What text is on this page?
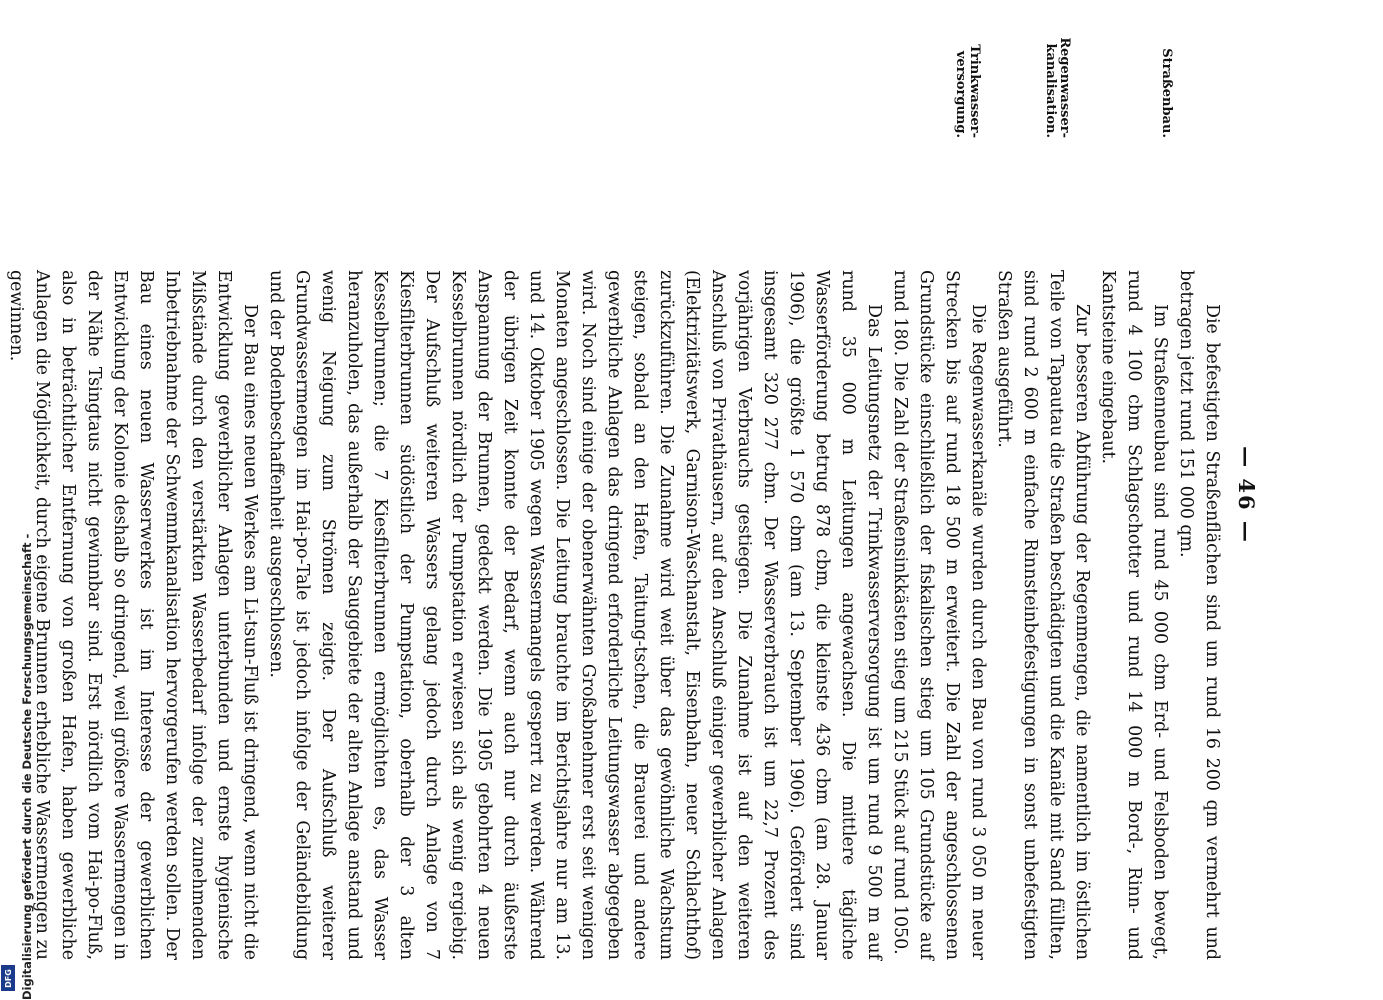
— 46 —
Straßenbau.
Regenwasser-kanalisation.
Trinkwasser-versorgung.

Die befestigten Straßenflächen sind um rund 16 200 qm vermehrt und betragen jetzt rund 151 000 qm.

Im Straßenneubau sind rund 45 000 cbm Erd- und Felsboden bewegt, rund 4 100 cbm Schlagschotter und rund 14 000 m Bord-, Rinn- und Kantsteine eingebaut.

Zur besseren Abführung der Regenmengen, die namentlich im östlichen Teile von Tapautau die Straßen beschädigten und die Kanäle mit Sand füllten, sind rund 2 600 m einfache Rinnsteinbefestigungen in sonst unbefestigten Straßen ausgeführt.

Die Regenwasserkanäle wurden durch den Bau von rund 3 050 m neuer Strecken bis auf rund 18 500 m erweitert. Die Zahl der angeschlossenen Grundstücke einschließlich der fiskalischen stieg um 105 Grundstücke auf rund 180. Die Zahl der Straßensinkkästen stieg um 215 Stück auf rund 1050.

Das Leitungsnetz der Trinkwasserversorgung ist um rund 9 500 m auf rund 35 000 m Leitungen angewachsen. Die mittlere tägliche Wasserförderung betrug 878 cbm, die kleinste 436 cbm (am 28. Januar 1906), die größte 1 570 cbm (am 13. September 1906). Gefördert sind insgesamt 320 277 cbm. Der Wasserverbrauch ist um 22,7 Prozent des vorjährigen Verbrauchs gestiegen. Die Zunahme ist auf den weiteren Anschluß von Privathäusern, auf den Anschluß einiger gewerblicher Anlagen (Elektrizitätswerk, Garnison-Waschanstalt, Eisenbahn, neuer Schlachthof) zurückzuführen. Die Zunahme wird weit über das gewöhnliche Wachstum steigen, sobald an den Hafen, Taitung-tschen, die Brauerei und andere gewerbliche Anlagen das dringend erforderliche Leitungswasser abgegeben wird. Noch sind einige der obenerwähnten Großabnehmer erst seit wenigen Monaten angeschlossen. Die Leitung brauchte im Berichtsjahre nur am 13. und 14. Oktober 1905 wegen Wassermangels gesperrt zu werden. Während der übrigen Zeit konnte der Bedarf, wenn auch nur durch äußerste Anspannung der Brunnen, gedeckt werden. Die 1905 gebohrten 4 neuen Kesselbrunnen nördlich der Pumpstation erwiesen sich als wenig ergiebig. Der Aufschluß weiteren Wassers gelang jedoch durch Anlage von 7 Kiesfilterbrunnen südöstlich der Pumpstation, oberhalb der 3 alten Kesselbrunnen; die 7 Kiesfilterbrunnen ermöglichten es, das Wasser heranzuholen, das außerhalb der Sauggebiete der alten Anlage anstand und wenig Neigung zum Strömen zeigte. Der Aufschluß weiterer Grundwassermengen im Hai-po-Tale ist jedoch infolge der Geländebildung und der Bodenbeschaffenheit ausgeschlossen.

Der Bau eines neuen Werkes am Li-tsun-Fluß ist dringend, wenn nicht die Entwicklung gewerblicher Anlagen unterbunden und ernste hygienische Mißstände durch den verstärkten Wasserbedarf infolge der zunehmenden Inbetriebnahme der Schwemmkanalisation hervorgerufen werden sollen. Der Bau eines neuen Wasserwerkes ist im Interesse der gewerblichen Entwicklung der Kolonie deshalb so dringend, weil größere Wassermengen in der Nähe Tsingtaus nicht gewinnbar sind. Erst nördlich vom Hai-po-Fluß, also in beträchtlicher Entfernung von großen Hafen, haben gewerbliche Anlagen die Möglichkeit, durch eigene Brunnen erhebliche Wassermengen zu gewinnen.

Digitalisierung gefördert durch die Deutsche Forschungsgemeinschaft -
DFG
